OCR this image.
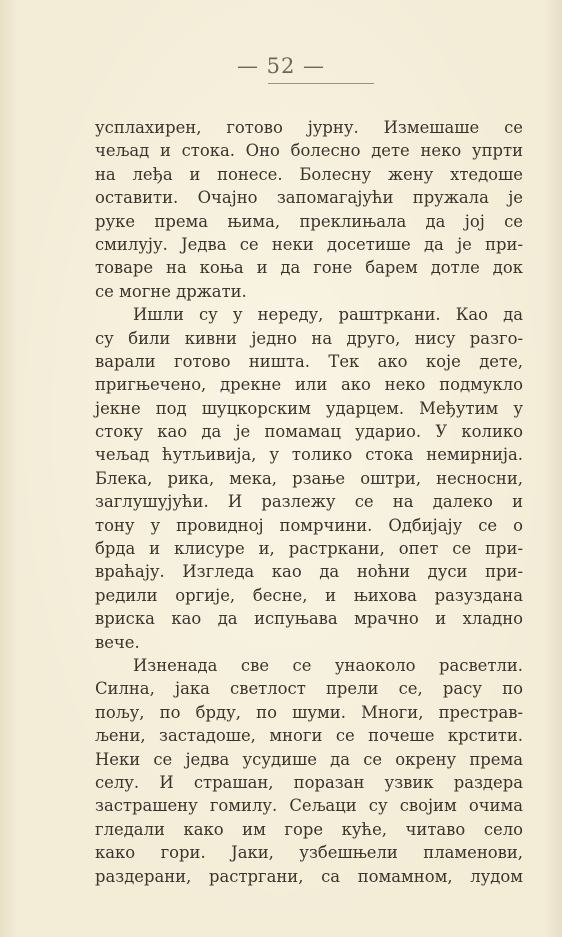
— 52 —
усплахирен, готово јурну. Измешаше се
чељад и стока. Оно болесно дете неко упрти
на леђа и понесе. Болесну жену хтедоше
оставити. Очајно запомагајући пружала је
руке према њима, преклињала да јој се
смилују. Једва се неки досетише да је при-
товаре на коња и да гоне барем дотле док
се могне држати.
Ишли су у нереду, раштркани. Као да
су били кивни једно на друго, нису разго-
варали готово ништа. Тек ако које дете,
пригњечено, дрекне или ако неко подмукло
јекне под шуцкорским ударцем. Међутим у
стоку као да је помамац ударио. У колико
чељад ћутљивија, у толико стока немирнија.
Блека, рика, мека, рзање оштри, несносни,
заглушујући. И разлежу се на далеко и
тону у провидној помрчини. Одбијају се о
брда и клисуре и, растркани, опет се при-
враћају. Изгледа као да ноћни дуси при-
редили оргије, бесне, и њихова разуздана
вриска као да испуњава мрачно и хладно
вече.
Изненада све се унаоколо расветли.
Силна, јака светлост прели се, расу по
пољу, по брду, по шуми. Многи, престрав-
љени, застадоше, многи се почеше крстити.
Неки се једва усудише да се окрену према
селу. И страшан, поразан узвик раздера
застрашену гомилу. Сељаци су својим очима
гледали како им горе куће, читаво село
како гори. Јаки, узбешњели пламенови,
раздерани, растргани, са помамном, лудом
